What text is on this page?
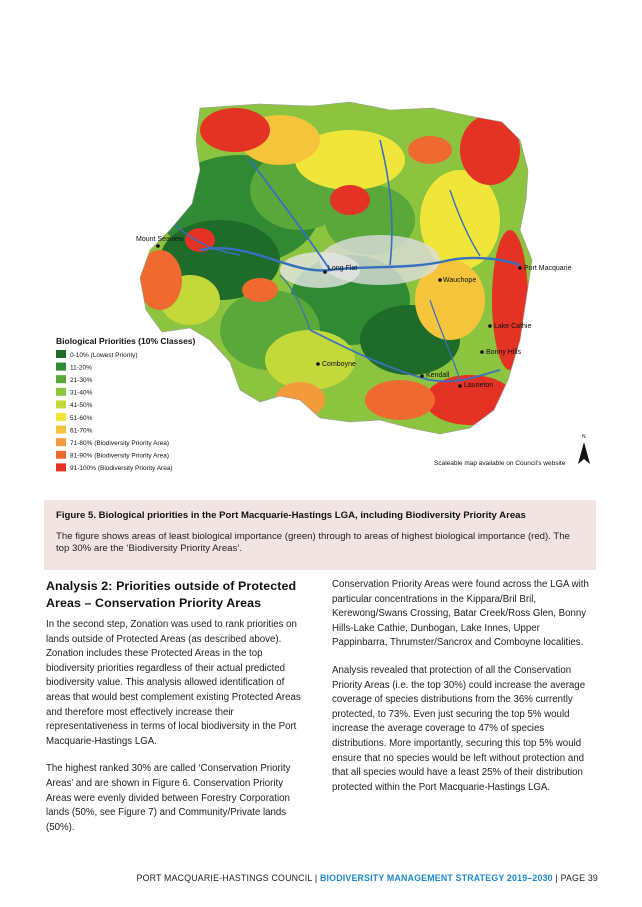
Mount Seaview
Long Flat
Wauchope
Port Macquarie
Lake Cathie
Bonny Hills
Comboyne
Kendall
Laurieton
Biological Priorities (10% Classes)
0-10% (Lowest Priority)
11-20%
21-30%
31-40%
41-50%
51-60%
61-70%
71-80% (Biodiversity Priority Area)
81-90% (Biodiversity Priority Area)
91-100% (Biodiversity Priority Area)
N
Scaleable map available on Council's website
Figure 5. Biological priorities in the Port Macquarie-Hastings LGA, including Biodiversity Priority Areas
The figure shows areas of least biological importance (green) through to areas of highest biological importance (red). The top 30% are the ‘Biodiversity Priority Areas’.
Analysis 2: Priorities outside of Protected Areas – Conservation Priority Areas

In the second step, Zonation was used to rank priorities on lands outside of Protected Areas (as described above). Zonation includes these Protected Areas in the top biodiversity priorities regardless of their actual predicted biodiversity value. This analysis allowed identification of areas that would best complement existing Protected Areas and therefore most effectively increase their representativeness in terms of local biodiversity in the Port Macquarie-Hastings LGA.

The highest ranked 30% are called ‘Conservation Priority Areas’ and are shown in Figure 6. Conservation Priority Areas were evenly divided between Forestry Corporation lands (50%, see Figure 7) and Community/Private lands (50%).

Conservation Priority Areas were found across the LGA with particular concentrations in the Kippara/Bril Bril, Kerewong/Swans Crossing, Batar Creek/Ross Glen, Bonny Hills-Lake Cathie, Dunbogan, Lake Innes, Upper Pappinbarra, Thrumster/Sancrox and Comboyne localities.

Analysis revealed that protection of all the Conservation Priority Areas (i.e. the top 30%) could increase the average coverage of species distributions from the 36% currently protected, to 73%. Even just securing the top 5% would increase the average coverage to 47% of species distributions. More importantly, securing this top 5% would ensure that no species would be left without protection and that all species would have a least 25% of their distribution protected within the Port Macquarie-Hastings LGA.

PORT MACQUARIE-HASTINGS COUNCIL | BIODIVERSITY MANAGEMENT STRATEGY 2019–2030 | PAGE 39
